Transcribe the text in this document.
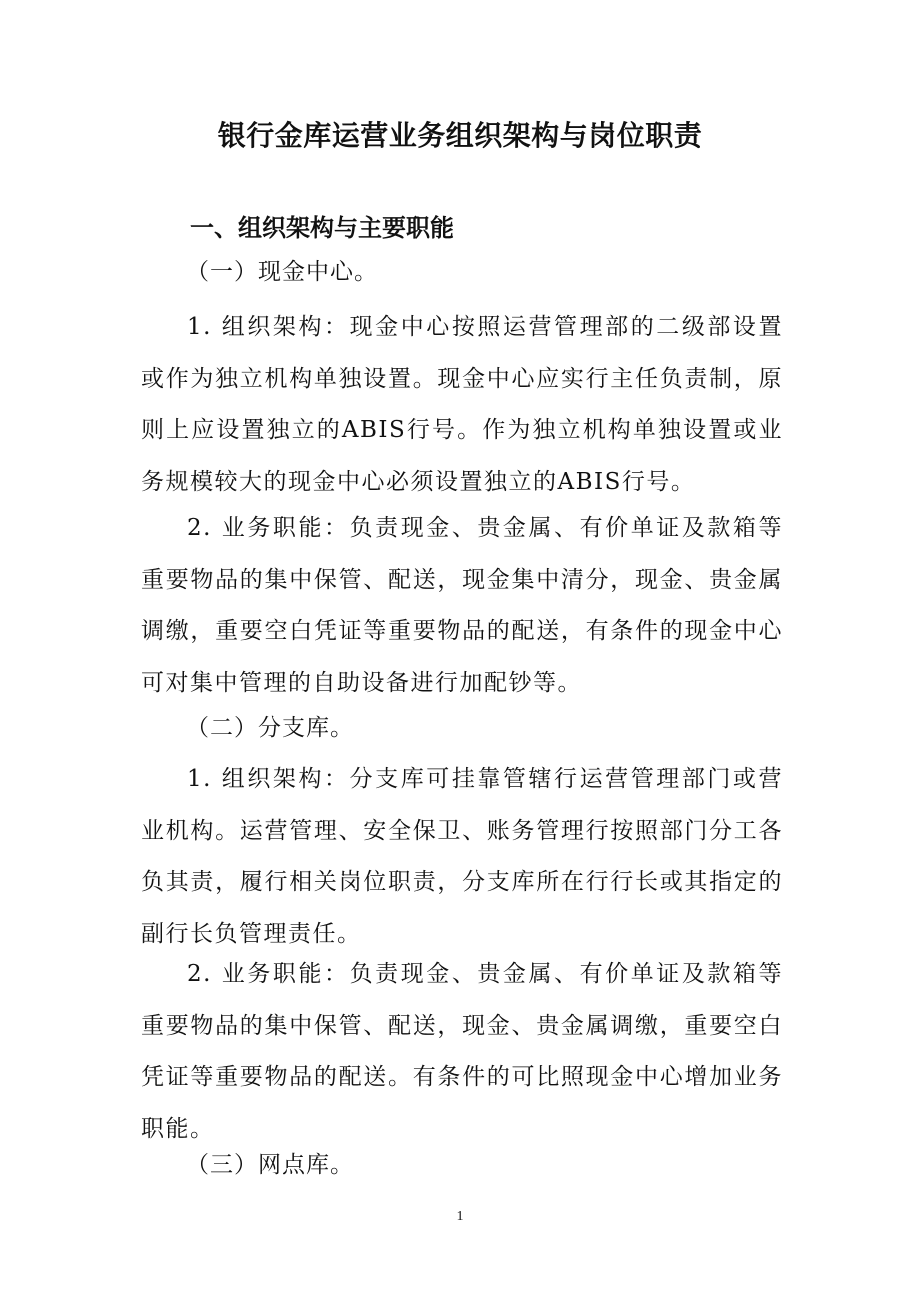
银行金库运营业务组织架构与岗位职责
一、组织架构与主要职能

（一）现金中心。

1. 组织架构：现金中心按照运营管理部的二级部设置或作为独立机构单独设置。现金中心应实行主任负责制，原则上应设置独立的ABIS行号。作为独立机构单独设置或业务规模较大的现金中心必须设置独立的ABIS行号。

2. 业务职能：负责现金、贵金属、有价单证及款箱等重要物品的集中保管、配送，现金集中清分，现金、贵金属调缴，重要空白凭证等重要物品的配送，有条件的现金中心可对集中管理的自助设备进行加配钞等。

（二）分支库。

1. 组织架构：分支库可挂靠管辖行运营管理部门或营业机构。运营管理、安全保卫、账务管理行按照部门分工各负其责，履行相关岗位职责，分支库所在行行长或其指定的副行长负管理责任。

2. 业务职能：负责现金、贵金属、有价单证及款箱等重要物品的集中保管、配送，现金、贵金属调缴，重要空白凭证等重要物品的配送。有条件的可比照现金中心增加业务职能。

（三）网点库。

1
